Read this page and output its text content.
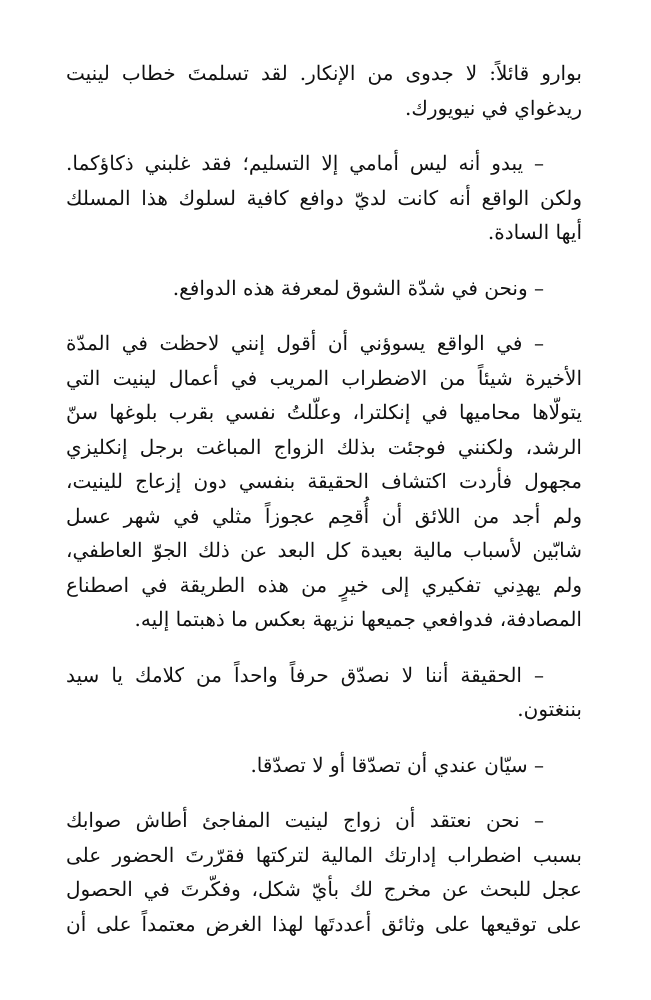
بوارو قائلاً: لا جدوى من الإنكار. لقد تسلمتَ خطاب لينيت
ريدغواي في نيويورك.

– يبدو أنه ليس أمامي إلا التسليم؛ فقد غلبني ذكاؤكما.
ولكن الواقع أنه كانت لديّ دوافع كافية لسلوك هذا المسلك
أيها السادة.

– ونحن في شدّة الشوق لمعرفة هذه الدوافع.

– في الواقع يسوؤني أن أقول إنني لاحظت في المدّة
الأخيرة شيئاً من الاضطراب المريب في أعمال لينيت التي
يتولّاها محاميها في إنكلترا، وعلّلتُ نفسي بقرب بلوغها سنّ
الرشد، ولكنني فوجئت بذلك الزواج المباغت برجل إنكليزي
مجهول فأردت اكتشاف الحقيقة بنفسي دون إزعاج للينيت،
ولم أجد من اللائق أن أُقحِم عجوزاً مثلي في شهر عسل
شابّين لأسباب مالية بعيدة كل البعد عن ذلك الجوّ العاطفي،
ولم يهدِني تفكيري إلى خيرٍ من هذه الطريقة في اصطناع
المصادفة، فدوافعي جميعها نزيهة بعكس ما ذهبتما إليه.

– الحقيقة أننا لا نصدّق حرفاً واحداً من كلامك يا سيد
بننغتون.

– سيّان عندي أن تصدّقا أو لا تصدّقا.

– نحن نعتقد أن زواج لينيت المفاجئ أطاش صوابك
بسبب اضطراب إدارتك المالية لتركتها فقرّرتَ الحضور على
عجل للبحث عن مخرج لك بأيّ شكل، وفكّرتَ في الحصول
على توقيعها على وثائق أعددتَها لهذا الغرض معتمداً على أن
